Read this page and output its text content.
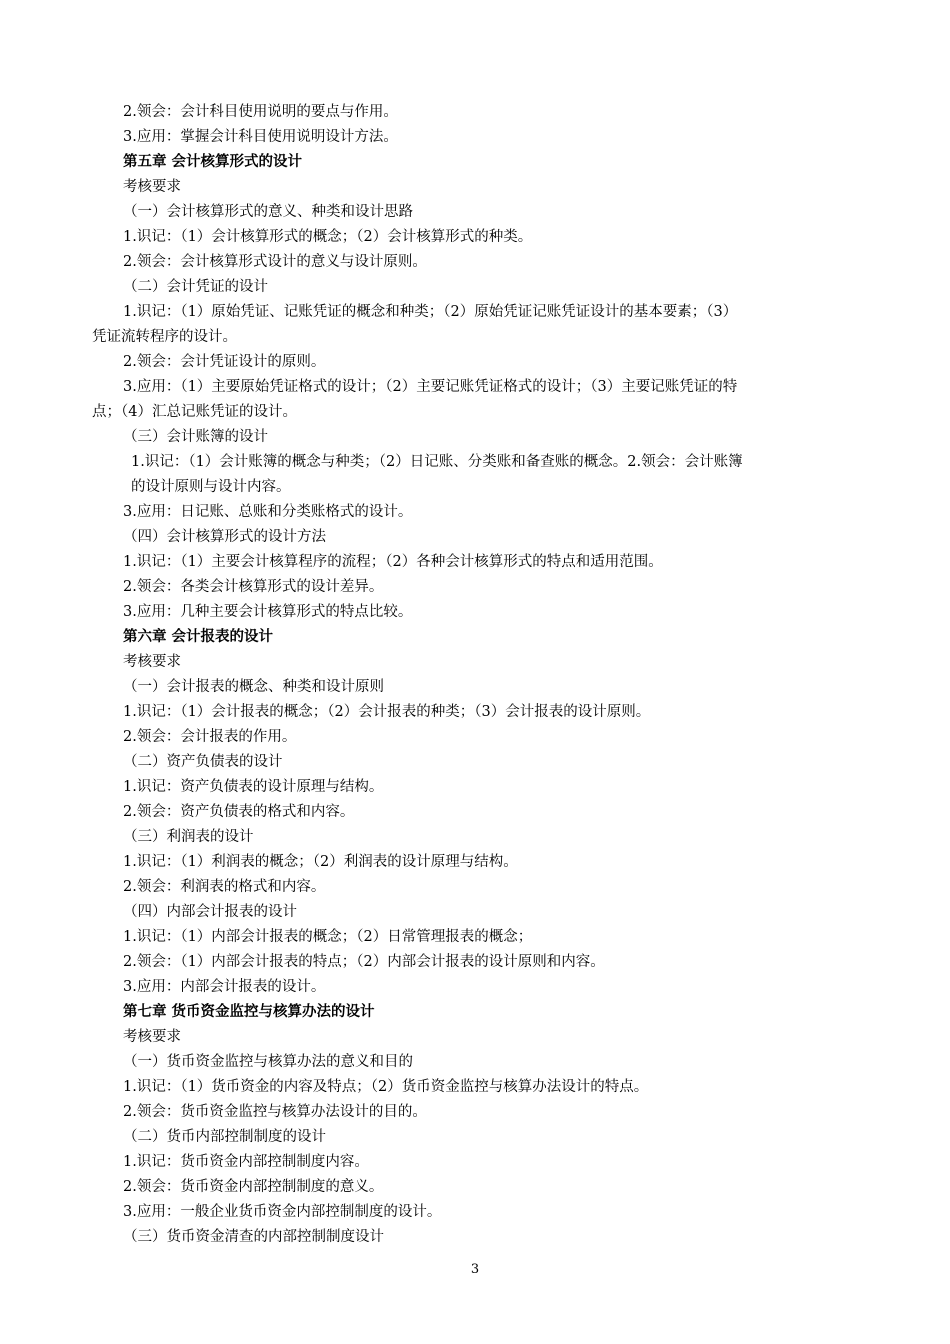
2.领会：会计科目使用说明的要点与作用。
3.应用：掌握会计科目使用说明设计方法。
第五章 会计核算形式的设计
考核要求
（一）会计核算形式的意义、种类和设计思路
1.识记：（1）会计核算形式的概念；（2）会计核算形式的种类。
2.领会：会计核算形式设计的意义与设计原则。
（二）会计凭证的设计
1.识记：（1）原始凭证、记账凭证的概念和种类；（2）原始凭证记账凭证设计的基本要素；（3）
凭证流转程序的设计。
2.领会：会计凭证设计的原则。
3.应用：（1）主要原始凭证格式的设计；（2）主要记账凭证格式的设计；（3）主要记账凭证的特
点；（4）汇总记账凭证的设计。
（三）会计账簿的设计
1.识记：（1）会计账簿的概念与种类；（2）日记账、分类账和备查账的概念。2.领会：会计账簿
的设计原则与设计内容。
3.应用：日记账、总账和分类账格式的设计。
（四）会计核算形式的设计方法
1.识记：（1）主要会计核算程序的流程；（2）各种会计核算形式的特点和适用范围。
2.领会：各类会计核算形式的设计差异。
3.应用：几种主要会计核算形式的特点比较。
第六章 会计报表的设计
考核要求
（一）会计报表的概念、种类和设计原则
1.识记：（1）会计报表的概念；（2）会计报表的种类；（3）会计报表的设计原则。
2.领会：会计报表的作用。
（二）资产负债表的设计
1.识记：资产负债表的设计原理与结构。
2.领会：资产负债表的格式和内容。
（三）利润表的设计
1.识记：（1）利润表的概念；（2）利润表的设计原理与结构。
2.领会：利润表的格式和内容。
（四）内部会计报表的设计
1.识记：（1）内部会计报表的概念；（2）日常管理报表的概念；
2.领会：（1）内部会计报表的特点；（2）内部会计报表的设计原则和内容。
3.应用：内部会计报表的设计。
第七章 货币资金监控与核算办法的设计
考核要求
（一）货币资金监控与核算办法的意义和目的
1.识记：（1）货币资金的内容及特点；（2）货币资金监控与核算办法设计的特点。
2.领会：货币资金监控与核算办法设计的目的。
（二）货币内部控制制度的设计
1.识记：货币资金内部控制制度内容。
2.领会：货币资金内部控制制度的意义。
3.应用：一般企业货币资金内部控制制度的设计。
（三）货币资金清查的内部控制制度设计
3
